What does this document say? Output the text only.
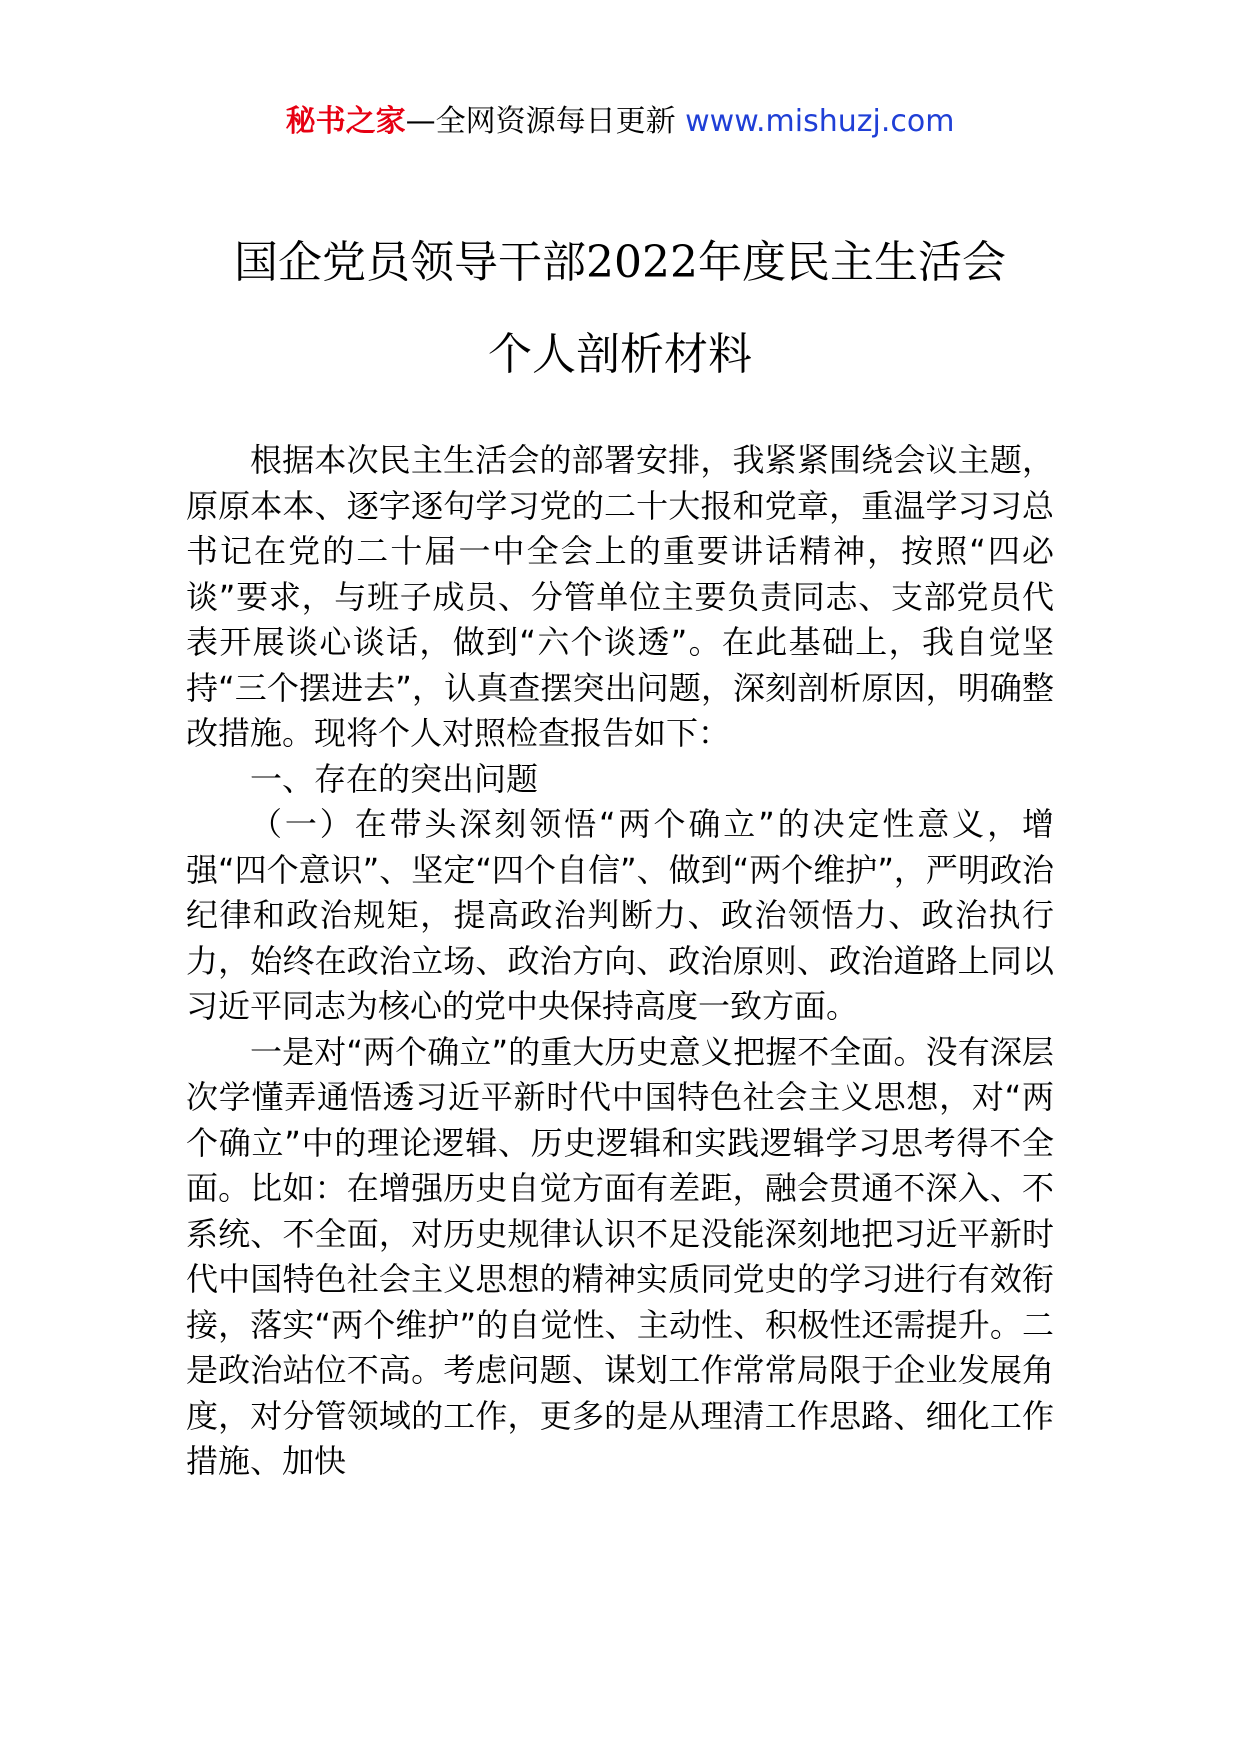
秘书之家—全网资源每日更新 www.mishuzj.com
国企党员领导干部2022年度民主生活会
个人剖析材料

根据本次民主生活会的部署安排，我紧紧围绕会议主题，原原本本、逐字逐句学习党的二十大报和党章，重温学习习总书记在党的二十届一中全会上的重要讲话精神，按照“四必谈”要求，与班子成员、分管单位主要负责同志、支部党员代表开展谈心谈话，做到“六个谈透”。在此基础上，我自觉坚持“三个摆进去”，认真查摆突出问题，深刻剖析原因，明确整改措施。现将个人对照检查报告如下：

一、存在的突出问题

（一）在带头深刻领悟“两个确立”的决定性意义，增强“四个意识”、坚定“四个自信”、做到“两个维护”，严明政治纪律和政治规矩，提高政治判断力、政治领悟力、政治执行力，始终在政治立场、政治方向、政治原则、政治道路上同以习近平同志为核心的党中央保持高度一致方面。

一是对“两个确立”的重大历史意义把握不全面。没有深层次学懂弄通悟透习近平新时代中国特色社会主义思想，对“两个确立”中的理论逻辑、历史逻辑和实践逻辑学习思考得不全面。比如：在增强历史自觉方面有差距，融会贯通不深入、不系统、不全面，对历史规律认识不足没能深刻地把习近平新时代中国特色社会主义思想的精神实质同党史的学习进行有效衔接，落实“两个维护”的自觉性、主动性、积极性还需提升。二是政治站位不高。考虑问题、谋划工作常常局限于企业发展角度，对分管领域的工作，更多的是从理清工作思路、细化工作措施、加快
